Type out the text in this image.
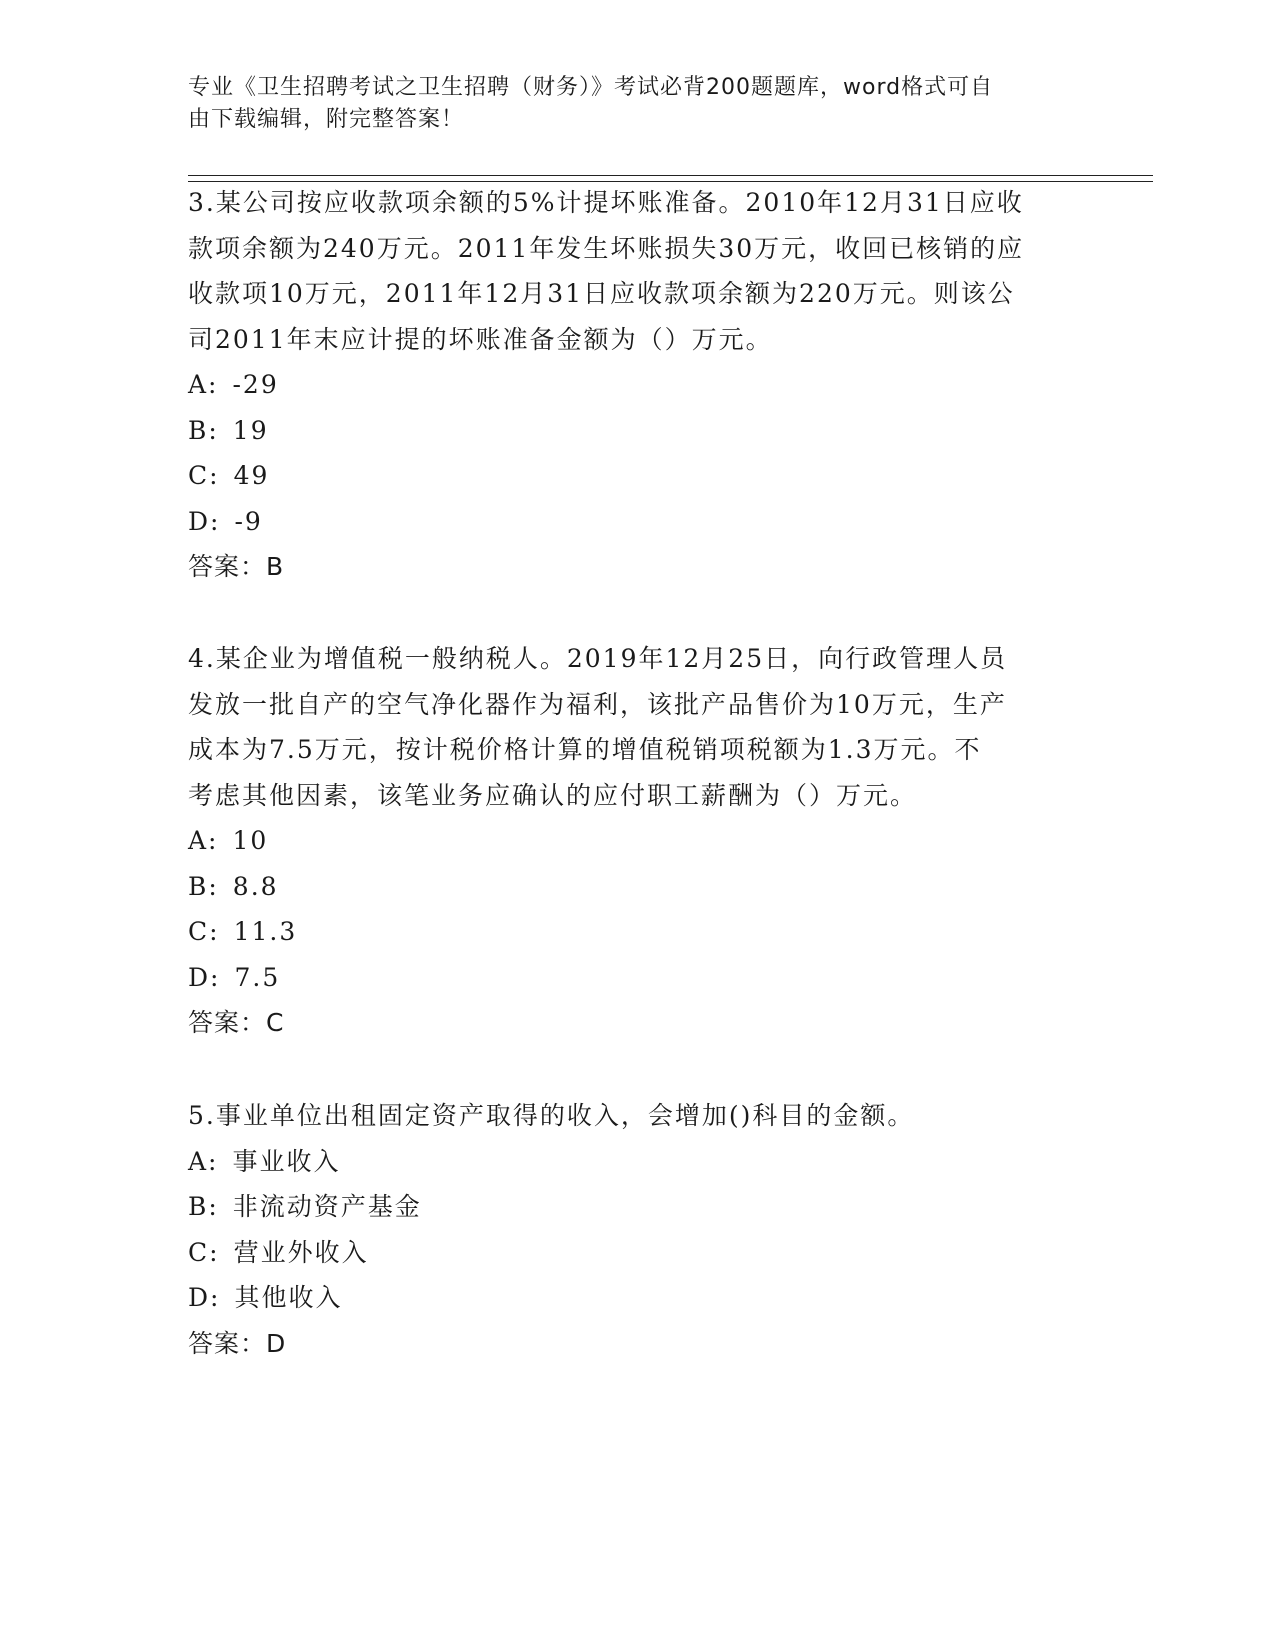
专业《卫生招聘考试之卫生招聘（财务）》考试必背200题题库，word格式可自
由下载编辑，附完整答案！

3.某公司按应收款项余额的5%计提坏账准备。2010年12月31日应收

款项余额为240万元。2011年发生坏账损失30万元，收回已核销的应

收款项10万元，2011年12月31日应收款项余额为220万元。则该公

司2011年末应计提的坏账准备金额为（）万元。

A: -29

B: 19

C: 49

D: -9

答案：B

4.某企业为增值税一般纳税人。2019年12月25日，向行政管理人员

发放一批自产的空气净化器作为福利，该批产品售价为10万元，生产

成本为7.5万元，按计税价格计算的增值税销项税额为1.3万元。不

考虑其他因素，该笔业务应确认的应付职工薪酬为（）万元。

A: 10

B: 8.8

C: 11.3

D: 7.5

答案：C

5.事业单位出租固定资产取得的收入，会增加()科目的金额。

A: 事业收入

B: 非流动资产基金

C: 营业外收入

D: 其他收入

答案：D
